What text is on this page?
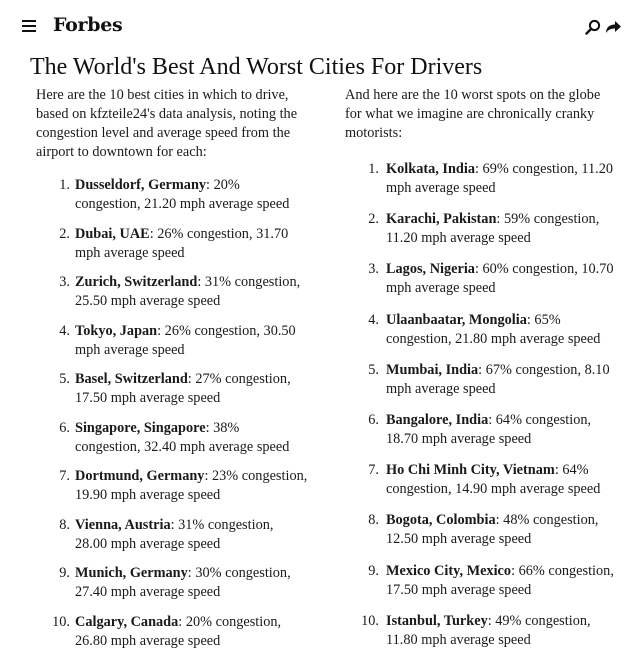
Forbes
The World's Best And Worst Cities For Drivers

Here are the 10 best cities in which to drive, based on kfzteile24's data analysis, noting the congestion level and average speed from the airport to downtown for each:

1. Dusseldorf, Germany: 20% congestion, 21.20 mph average speed
2. Dubai, UAE: 26% congestion, 31.70 mph average speed
3. Zurich, Switzerland: 31% congestion, 25.50 mph average speed
4. Tokyo, Japan: 26% congestion, 30.50 mph average speed
5. Basel, Switzerland: 27% congestion, 17.50 mph average speed
6. Singapore, Singapore: 38% congestion, 32.40 mph average speed
7. Dortmund, Germany: 23% congestion, 19.90 mph average speed
8. Vienna, Austria: 31% congestion, 28.00 mph average speed
9. Munich, Germany: 30% congestion, 27.40 mph average speed
10. Calgary, Canada: 20% congestion, 26.80 mph average speed

And here are the 10 worst spots on the globe for what we imagine are chronically cranky motorists:

1. Kolkata, India: 69% congestion, 11.20 mph average speed
2. Karachi, Pakistan: 59% congestion, 11.20 mph average speed
3. Lagos, Nigeria: 60% congestion, 10.70 mph average speed
4. Ulaanbaatar, Mongolia: 65% congestion, 21.80 mph average speed
5. Mumbai, India: 67% congestion, 8.10 mph average speed
6. Bangalore, India: 64% congestion, 18.70 mph average speed
7. Ho Chi Minh City, Vietnam: 64% congestion, 14.90 mph average speed
8. Bogota, Colombia: 48% congestion, 12.50 mph average speed
9. Mexico City, Mexico: 66% congestion, 17.50 mph average speed
10. Istanbul, Turkey: 49% congestion, 11.80 mph average speed
